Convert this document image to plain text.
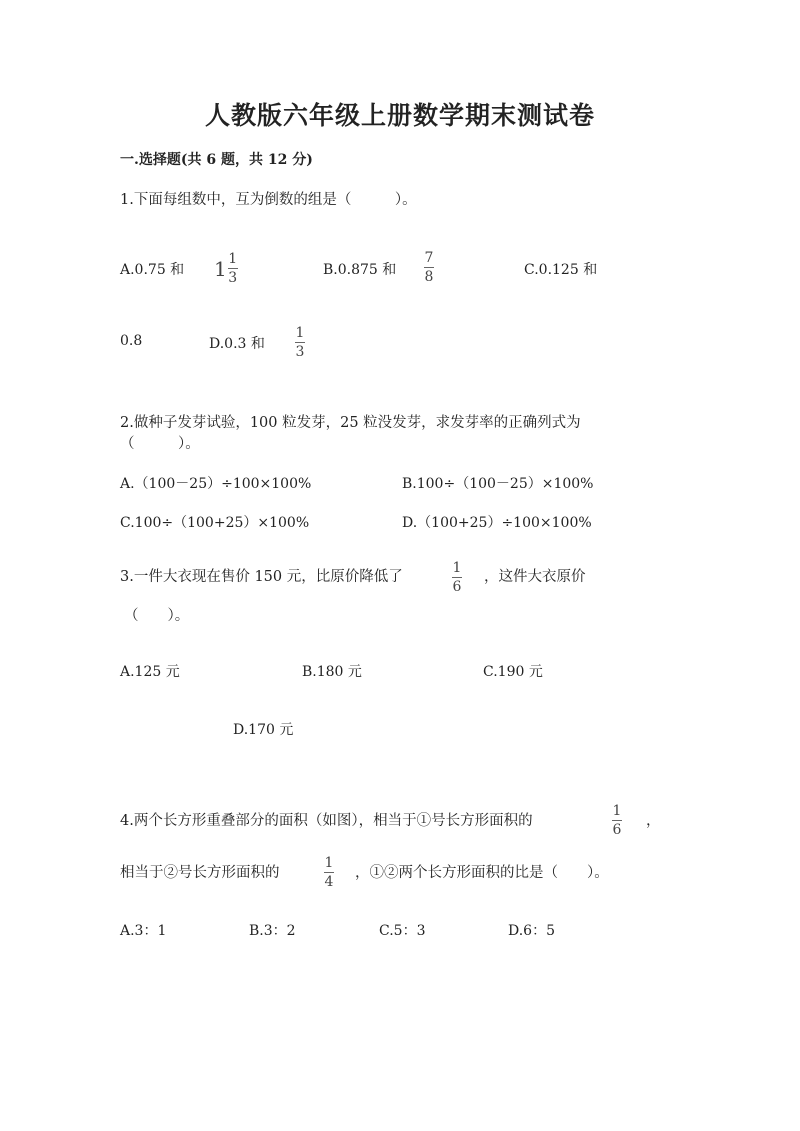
人教版六年级上册数学期末测试卷
一.选择题(共 6 题，共 12 分)
1.下面每组数中，互为倒数的组是（　　　）。
A.0.75 和 $1 \frac{1}{3}$	B.0.875 和
7
8	C.0.125 和
0.8	D.0.3 和
1
3
2.做种子发芽试验，100 粒发芽，25 粒没发芽，求发芽率的正确列式为
（　　　）。
A.（100－25）÷100×100%	B.100÷（100－25）×100%
C.100÷（100+25）×100%	D.（100+25）÷100×100%
3.一件大衣现在售价 150 元，比原价降低了
1
6
，这件大衣原价
（　　）。
A.125 元	B.180 元	C.190 元
D.170 元
4.两个长方形重叠部分的面积（如图），相当于①号长方形面积的
1
6
，
相当于②号长方形面积的
1
4
，①②两个长方形面积的比是（　　）。
A.3：1	B.3：2	C.5：3	D.6：5
